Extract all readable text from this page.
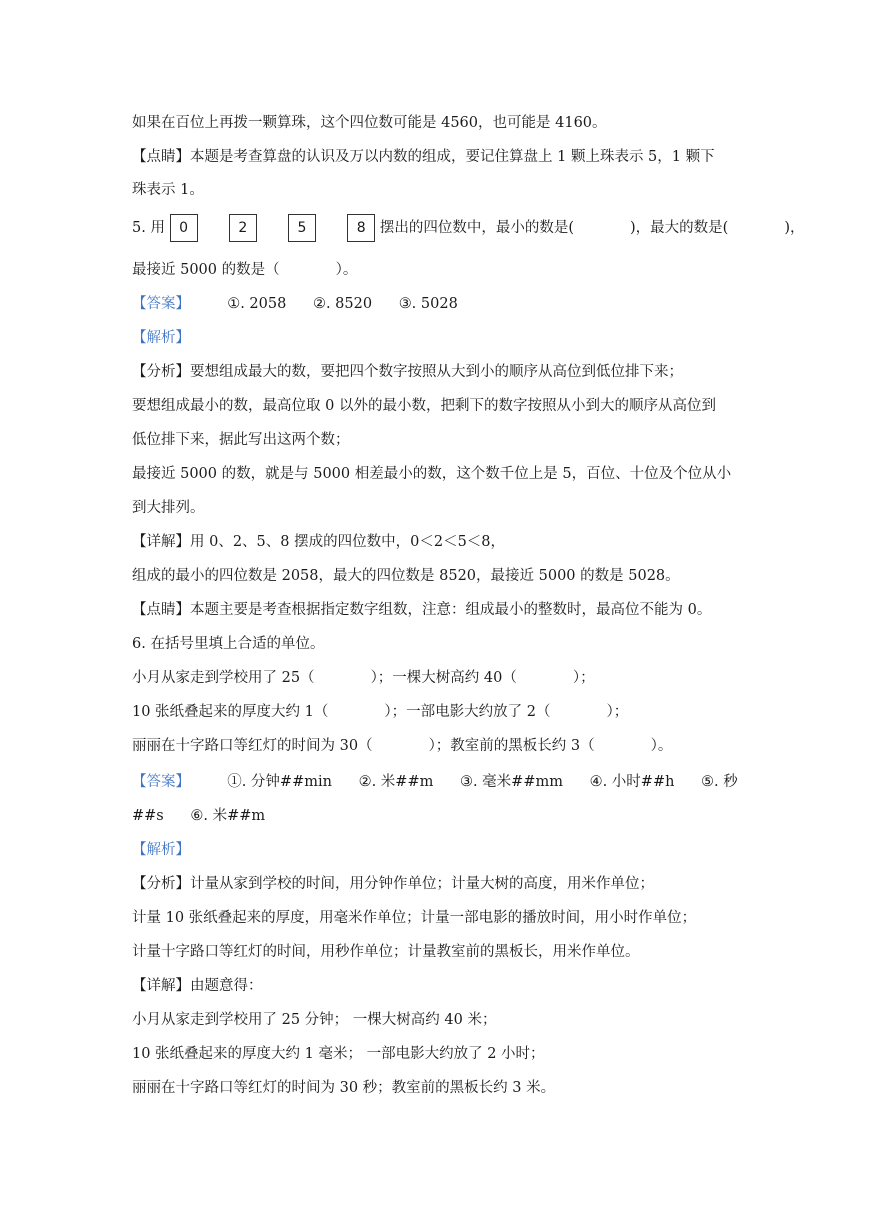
如果在百位上再拨一颗算珠，这个四位数可能是 4560，也可能是 4160。
【点睛】本题是考查算盘的认识及万以内数的组成，要记住算盘上 1 颗上珠表示 5，1 颗下
珠表示 1。
5. 用 0	2	5	8 摆出的四位数中，最小的数是(	)，最大的数是(	)，
最接近 5000 的数是（	）。
【答案】	①. 2058 ②. 8520 ③. 5028
【解析】
【分析】要想组成最大的数，要把四个数字按照从大到小的顺序从高位到低位排下来；
要想组成最小的数，最高位取 0 以外的最小数，把剩下的数字按照从小到大的顺序从高位到
低位排下来，据此写出这两个数；
最接近 5000 的数，就是与 5000 相差最小的数，这个数千位上是 5，百位、十位及个位从小
到大排列。
【详解】用 0、2、5、8 摆成的四位数中，0＜2＜5＜8，
组成的最小的四位数是 2058，最大的四位数是 8520，最接近 5000 的数是 5028。
【点睛】本题主要是考查根据指定数字组数，注意：组成最小的整数时，最高位不能为 0。
6. 在括号里填上合适的单位。
小月从家走到学校用了 25（	）；一棵大树高约 40（	）；
10 张纸叠起来的厚度大约 1（	）；一部电影大约放了 2（	）；
丽丽在十字路口等红灯的时间为 30（	）；教室前的黑板长约 3（	）。
【答案】	①. 分钟##min ②. 米##m ③. 毫米##mm ④. 小时##h ⑤. 秒
##s ⑥. 米##m
【解析】
【分析】计量从家到学校的时间，用分钟作单位；计量大树的高度，用米作单位；
计量 10 张纸叠起来的厚度，用毫米作单位；计量一部电影的播放时间，用小时作单位；
计量十字路口等红灯的时间，用秒作单位；计量教室前的黑板长，用米作单位。
【详解】由题意得：
小月从家走到学校用了 25 分钟； 一棵大树高约 40 米；
10 张纸叠起来的厚度大约 1 毫米； 一部电影大约放了 2 小时；
丽丽在十字路口等红灯的时间为 30 秒；教室前的黑板长约 3 米。
